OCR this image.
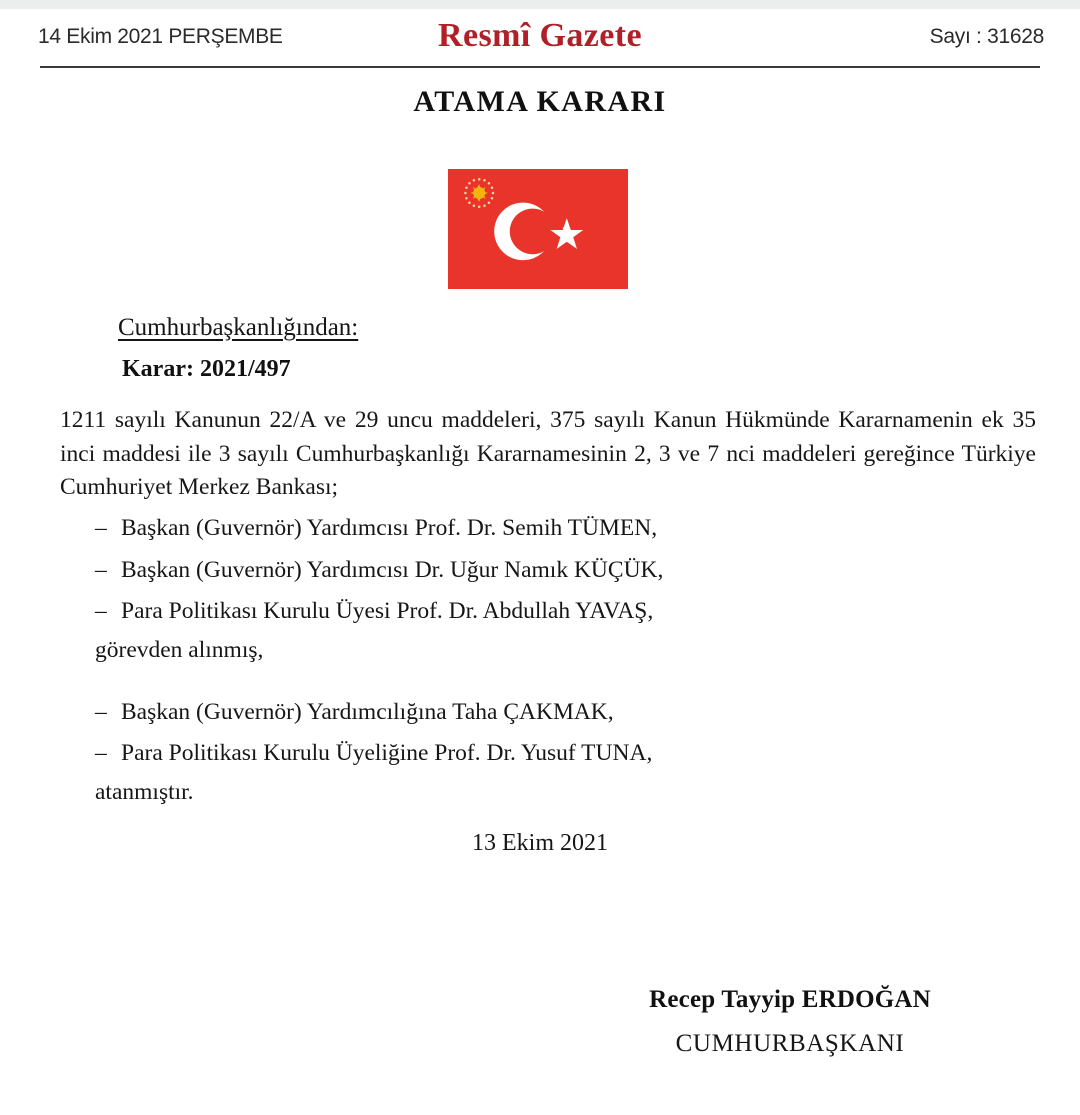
14 Ekim 2021 PERŞEMBE	Resmî Gazete	Sayı : 31628
ATAMA KARARI
Cumhurbaşkanlığından:
Karar: 2021/497
1211 sayılı Kanunun 22/A ve 29 uncu maddeleri, 375 sayılı Kanun Hükmünde Kararnamenin ek 35 inci maddesi ile 3 sayılı Cumhurbaşkanlığı Kararnamesinin 2, 3 ve 7 nci maddeleri gereğince Türkiye Cumhuriyet Merkez Bankası;
– Başkan (Guvernör) Yardımcısı Prof. Dr. Semih TÜMEN,
– Başkan (Guvernör) Yardımcısı Dr. Uğur Namık KÜÇÜK,
– Para Politikası Kurulu Üyesi Prof. Dr. Abdullah YAVAŞ,
görevden alınmış,
– Başkan (Guvernör) Yardımcılığına Taha ÇAKMAK,
– Para Politikası Kurulu Üyeliğine Prof. Dr. Yusuf TUNA,
atanmıştır.
13 Ekim 2021
Recep Tayyip ERDOĞAN
CUMHURBAŞKANI
